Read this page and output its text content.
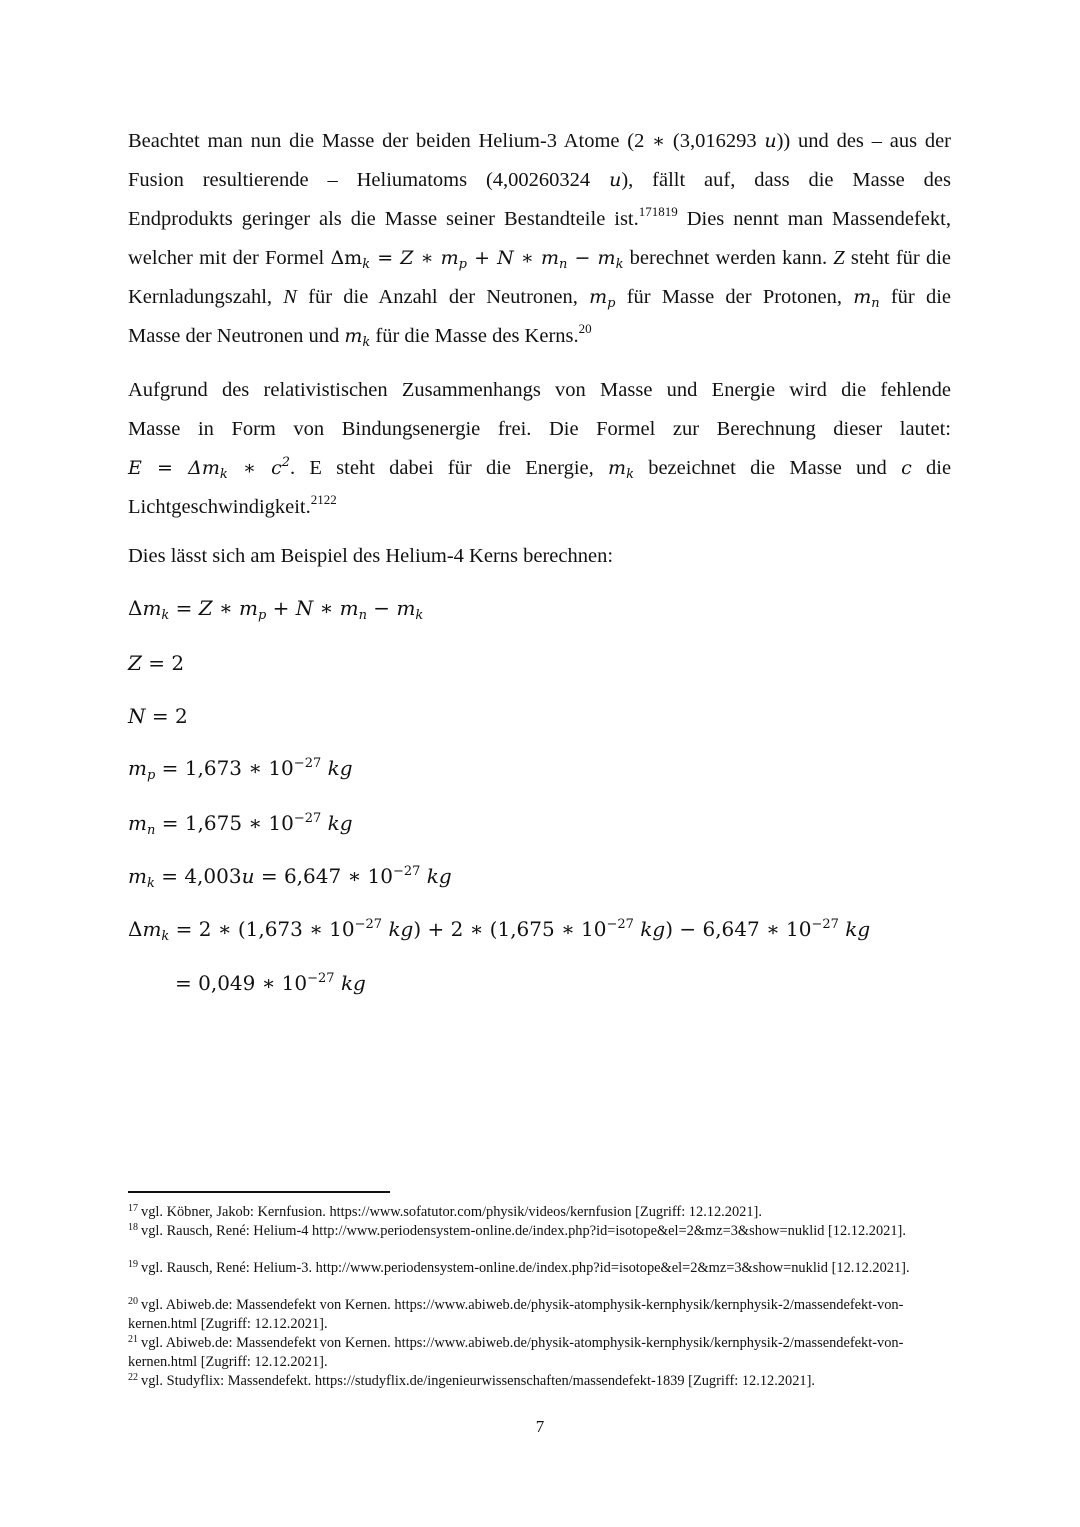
Beachtet man nun die Masse der beiden Helium-3 Atome (2 ∗ (3,016293 u)) und des – aus der
Fusion resultierende – Heliumatoms (4,00260324 u), fällt auf, dass die Masse des
Endprodukts geringer als die Masse seiner Bestandteile ist.$^{171819}$ Dies nennt man Massendefekt,
welcher mit der Formel $\Delta m_k = Z$ ∗ $m_p + N$ ∗ $m_n - m_k$ berechnet werden kann. Z steht für die
Kernladungszahl, N für die Anzahl der Neutronen, $m_p$ für Masse der Protonen, $m_n$ für die
Masse der Neutronen und $m_k$ für die Masse des Kerns.$^{20}$
Aufgrund des relativistischen Zusammenhangs von Masse und Energie wird die fehlende
Masse in Form von Bindungsenergie frei. Die Formel zur Berechnung dieser lautet:
$E = \Delta m_k$ ∗ $c^2$. E steht dabei für die Energie, $m_k$ bezeichnet die Masse und c die
Lichtgeschwindigkeit.$^{2122}$
Dies lässt sich am Beispiel des Helium-4 Kerns berechnen:
$\Delta m_k = Z$ ∗ $m_p + N$ ∗ $m_n - m_k$
Z = 2
N = 2
$m_p = 1,673$ ∗ $10^{-27}$ kg
$m_n = 1,675$ ∗ $10^{-27}$ kg
$m_k = 4,003u = 6,647$ ∗ $10^{-27}$ kg
$\Delta m_k = 2$ ∗ (1,673 ∗ $10^{-27}$ kg) + 2 ∗ (1,675 ∗ $10^{-27}$ kg) − 6,647 ∗ $10^{-27}$ kg
= 0,049 ∗ $10^{-27}$ kg
$^{17}$ vgl. Köbner, Jakob: Kernfusion. https://www.sofatutor.com/physik/videos/kernfusion [Zugriff: 12.12.2021].
$^{18}$ vgl. Rausch, René: Helium-4 http://www.periodensystem-online.de/index.php?id=isotope&el=2&mz=3&show=nuklid [12.12.2021].
$^{19}$ vgl. Rausch, René: Helium-3. http://www.periodensystem-online.de/index.php?id=isotope&el=2&mz=3&show=nuklid [12.12.2021].
$^{20}$ vgl. Abiweb.de: Massendefekt von Kernen. https://www.abiweb.de/physik-atomphysik-kernphysik/kernphysik-2/massendefekt-von-kernen.html [Zugriff: 12.12.2021].
$^{21}$ vgl. Abiweb.de: Massendefekt von Kernen. https://www.abiweb.de/physik-atomphysik-kernphysik/kernphysik-2/massendefekt-von-kernen.html [Zugriff: 12.12.2021].
$^{22}$ vgl. Studyflix: Massendefekt. https://studyflix.de/ingenieurwissenschaften/massendefekt-1839 [Zugriff: 12.12.2021].
7
